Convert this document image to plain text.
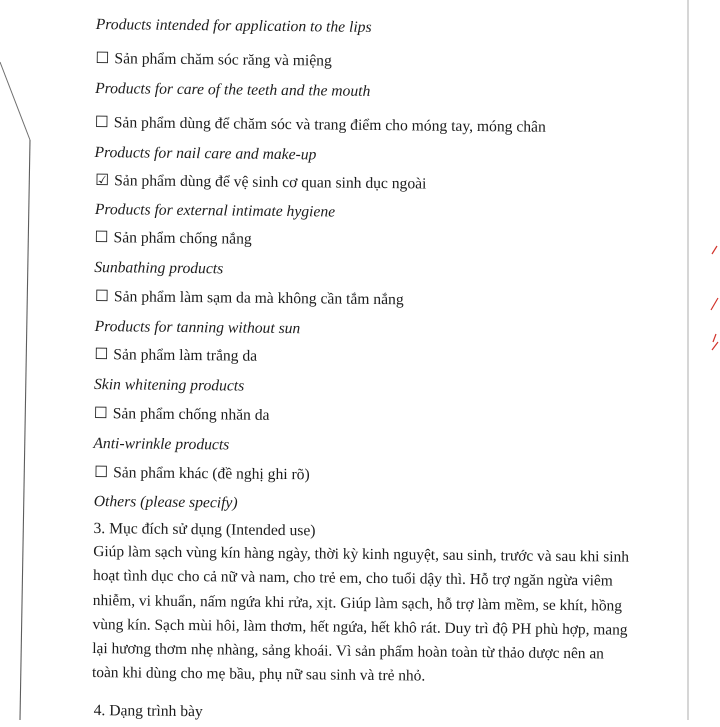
Products intended for application to the lips
☐ Sản phẩm chăm sóc răng và miệng
Products for care of the teeth and the mouth
☐ Sản phẩm dùng để chăm sóc và trang điểm cho móng tay, móng chân
Products for nail care and make-up
☑ Sản phẩm dùng để vệ sinh cơ quan sinh dục ngoài
Products for external intimate hygiene
☐ Sản phẩm chống nắng
Sunbathing products
☐ Sản phẩm làm sạm da mà không cần tắm nắng
Products for tanning without sun
☐ Sản phẩm làm trắng da
Skin whitening products
☐ Sản phẩm chống nhăn da
Anti-wrinkle products
☐ Sản phẩm khác (đề nghị ghi rõ)
Others (please specify)
3. Mục đích sử dụng (Intended use)
Giúp làm sạch vùng kín hàng ngày, thời kỳ kinh nguyệt, sau sinh, trước và sau khi sinh
hoạt tình dục cho cả nữ và nam, cho trẻ em, cho tuổi dậy thì. Hỗ trợ ngăn ngừa viêm
nhiễm, vi khuẩn, nấm ngứa khi rửa, xịt. Giúp làm sạch, hỗ trợ làm mềm, se khít, hồng
vùng kín. Sạch mùi hôi, làm thơm, hết ngứa, hết khô rát. Duy trì độ PH phù hợp, mang
lại hương thơm nhẹ nhàng, sảng khoái. Vì sản phẩm hoàn toàn từ thảo dược nên an
toàn khi dùng cho mẹ bầu, phụ nữ sau sinh và trẻ nhỏ.
4. Dạng trình bày
